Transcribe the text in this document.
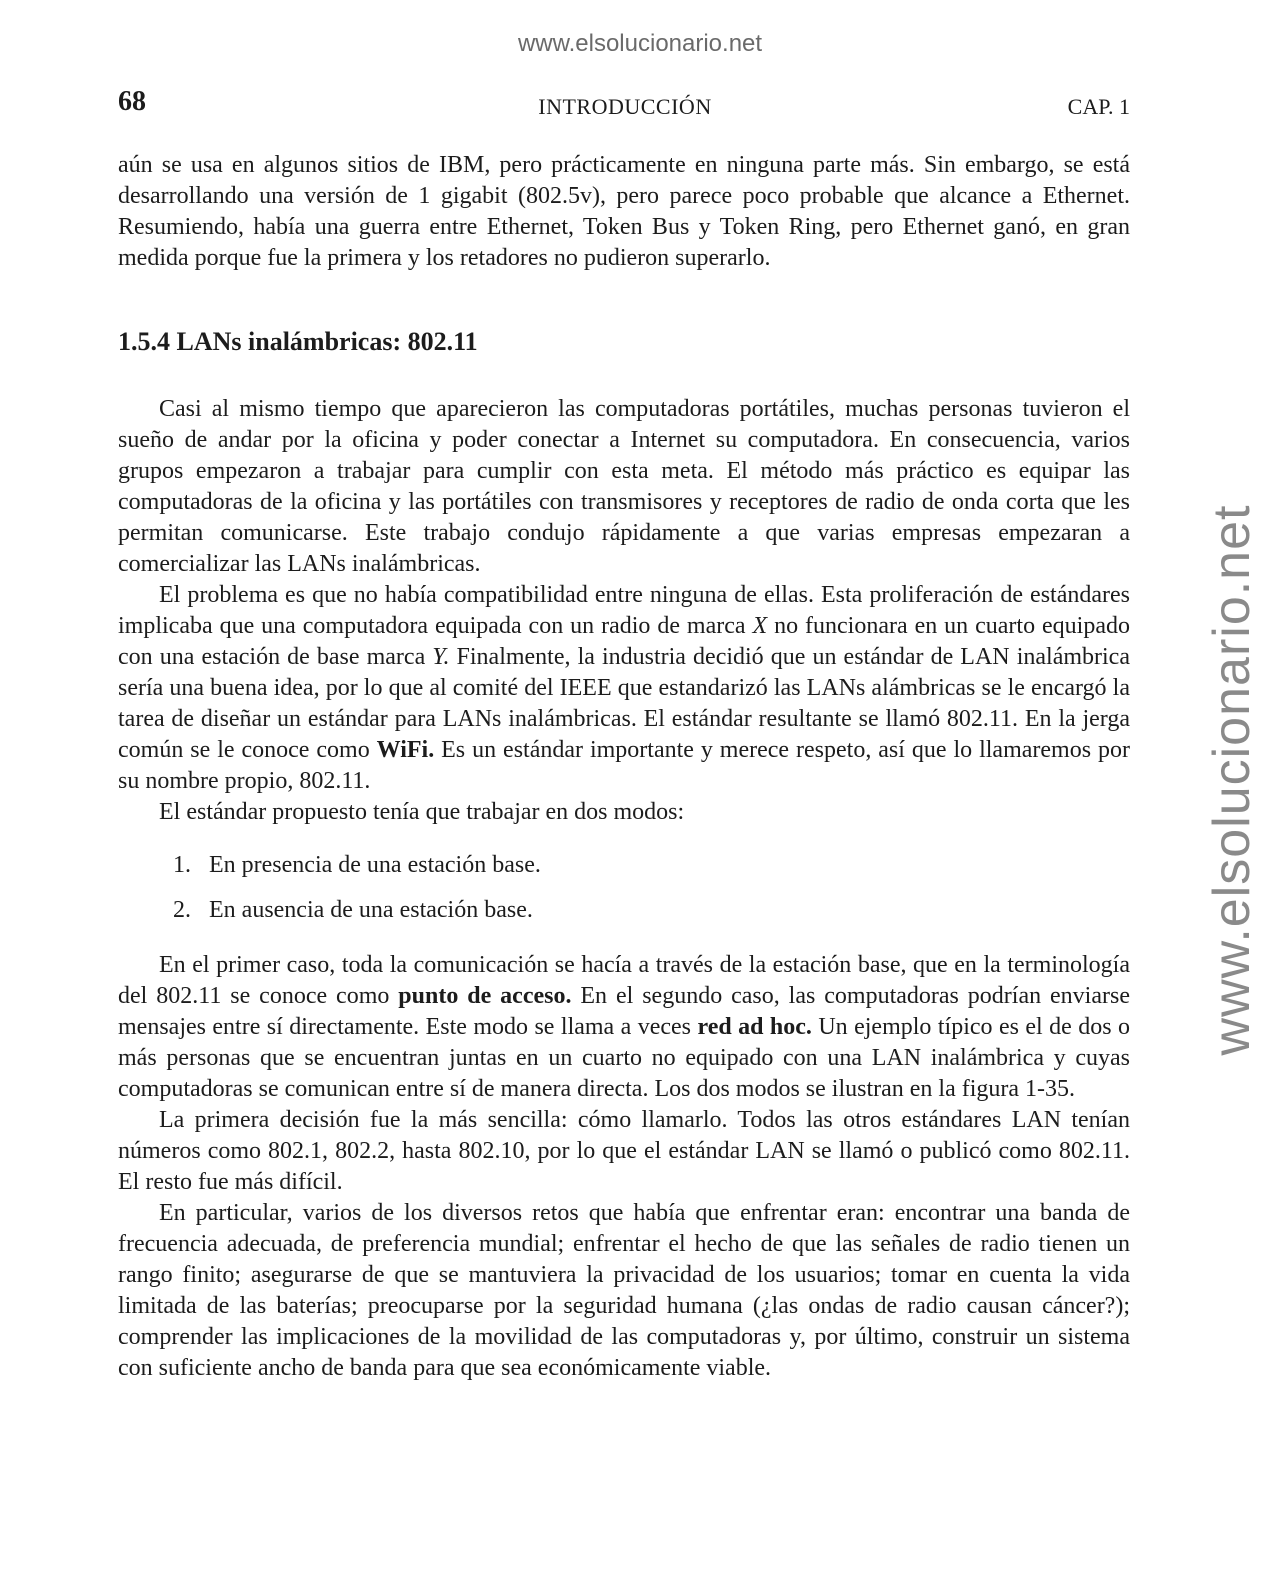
www.elsolucionario.net
www.elsolucionario.net
68	INTRODUCCIÓN	CAP. 1

aún se usa en algunos sitios de IBM, pero prácticamente en ninguna parte más. Sin embargo, se está desarrollando una versión de 1 gigabit (802.5v), pero parece poco probable que alcance a Ethernet. Resumiendo, había una guerra entre Ethernet, Token Bus y Token Ring, pero Ethernet ganó, en gran medida porque fue la primera y los retadores no pudieron superarlo.

1.5.4 LANs inalámbricas: 802.11

Casi al mismo tiempo que aparecieron las computadoras portátiles, muchas personas tuvieron el sueño de andar por la oficina y poder conectar a Internet su computadora. En consecuencia, varios grupos empezaron a trabajar para cumplir con esta meta. El método más práctico es equipar las computadoras de la oficina y las portátiles con transmisores y receptores de radio de onda corta que les permitan comunicarse. Este trabajo condujo rápidamente a que varias empresas empezaran a comercializar las LANs inalámbricas.

El problema es que no había compatibilidad entre ninguna de ellas. Esta proliferación de estándares implicaba que una computadora equipada con un radio de marca X no funcionara en un cuarto equipado con una estación de base marca Y. Finalmente, la industria decidió que un estándar de LAN inalámbrica sería una buena idea, por lo que al comité del IEEE que estandarizó las LANs alámbricas se le encargó la tarea de diseñar un estándar para LANs inalámbricas. El estándar resultante se llamó 802.11. En la jerga común se le conoce como WiFi. Es un estándar importante y merece respeto, así que lo llamaremos por su nombre propio, 802.11.

El estándar propuesto tenía que trabajar en dos modos:

1. En presencia de una estación base.
2. En ausencia de una estación base.

En el primer caso, toda la comunicación se hacía a través de la estación base, que en la terminología del 802.11 se conoce como punto de acceso. En el segundo caso, las computadoras podrían enviarse mensajes entre sí directamente. Este modo se llama a veces red ad hoc. Un ejemplo típico es el de dos o más personas que se encuentran juntas en un cuarto no equipado con una LAN inalámbrica y cuyas computadoras se comunican entre sí de manera directa. Los dos modos se ilustran en la figura 1-35.

La primera decisión fue la más sencilla: cómo llamarlo. Todos las otros estándares LAN tenían números como 802.1, 802.2, hasta 802.10, por lo que el estándar LAN se llamó o publicó como 802.11. El resto fue más difícil.

En particular, varios de los diversos retos que había que enfrentar eran: encontrar una banda de frecuencia adecuada, de preferencia mundial; enfrentar el hecho de que las señales de radio tienen un rango finito; asegurarse de que se mantuviera la privacidad de los usuarios; tomar en cuenta la vida limitada de las baterías; preocuparse por la seguridad humana (¿las ondas de radio causan cáncer?); comprender las implicaciones de la movilidad de las computadoras y, por último, construir un sistema con suficiente ancho de banda para que sea económicamente viable.
